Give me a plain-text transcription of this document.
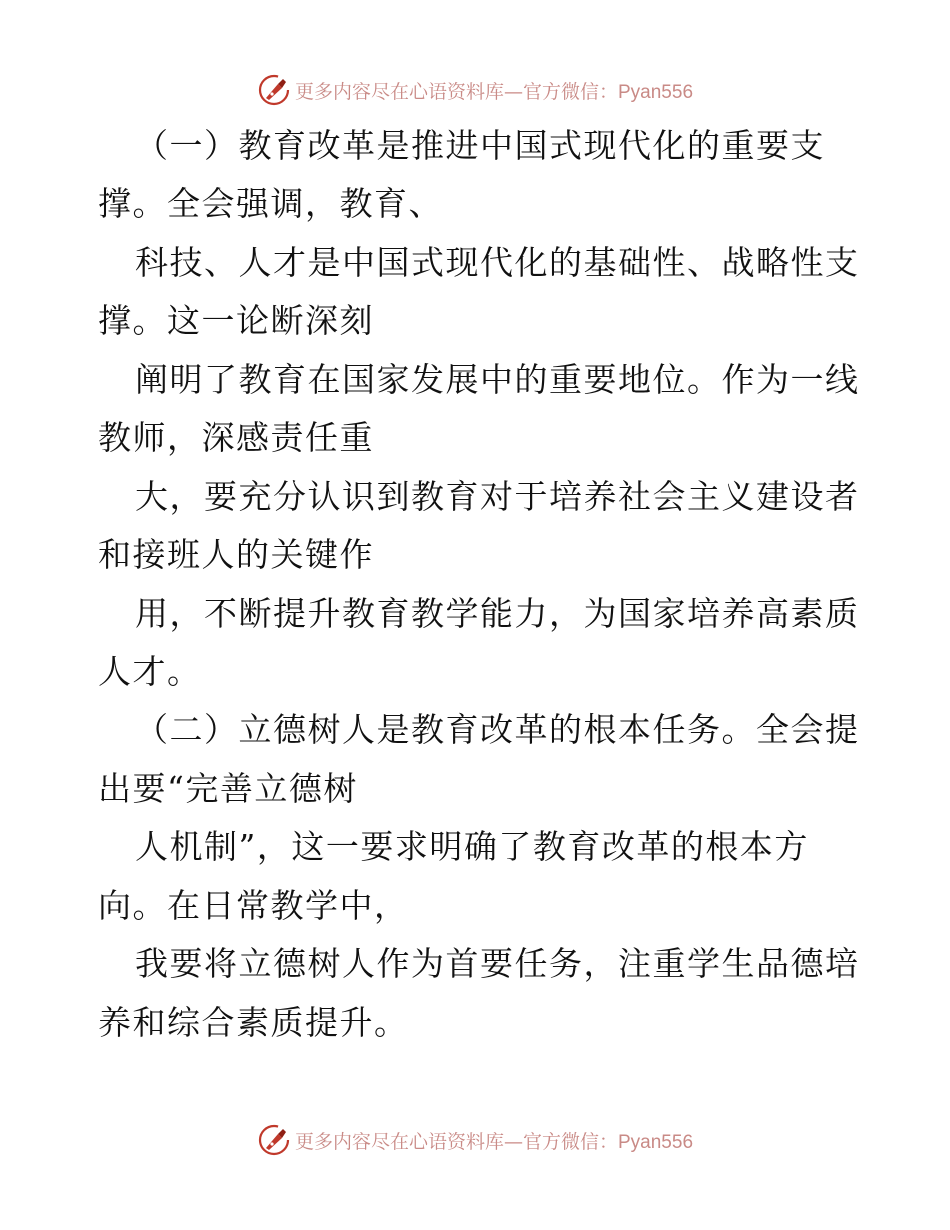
更多内容尽在心语资料库—官方微信：Pyan556
（一）教育改革是推进中国式现代化的重要支
撑。全会强调，教育、
科技、人才是中国式现代化的基础性、战略性支
撑。这一论断深刻
阐明了教育在国家发展中的重要地位。作为一线
教师，深感责任重
大，要充分认识到教育对于培养社会主义建设者
和接班人的关键作
用，不断提升教育教学能力，为国家培养高素质
人才。
（二）立德树人是教育改革的根本任务。全会提
出要“完善立德树
人机制”，这一要求明确了教育改革的根本方
向。在日常教学中，
我要将立德树人作为首要任务，注重学生品德培
养和综合素质提升。
更多内容尽在心语资料库—官方微信：Pyan556
